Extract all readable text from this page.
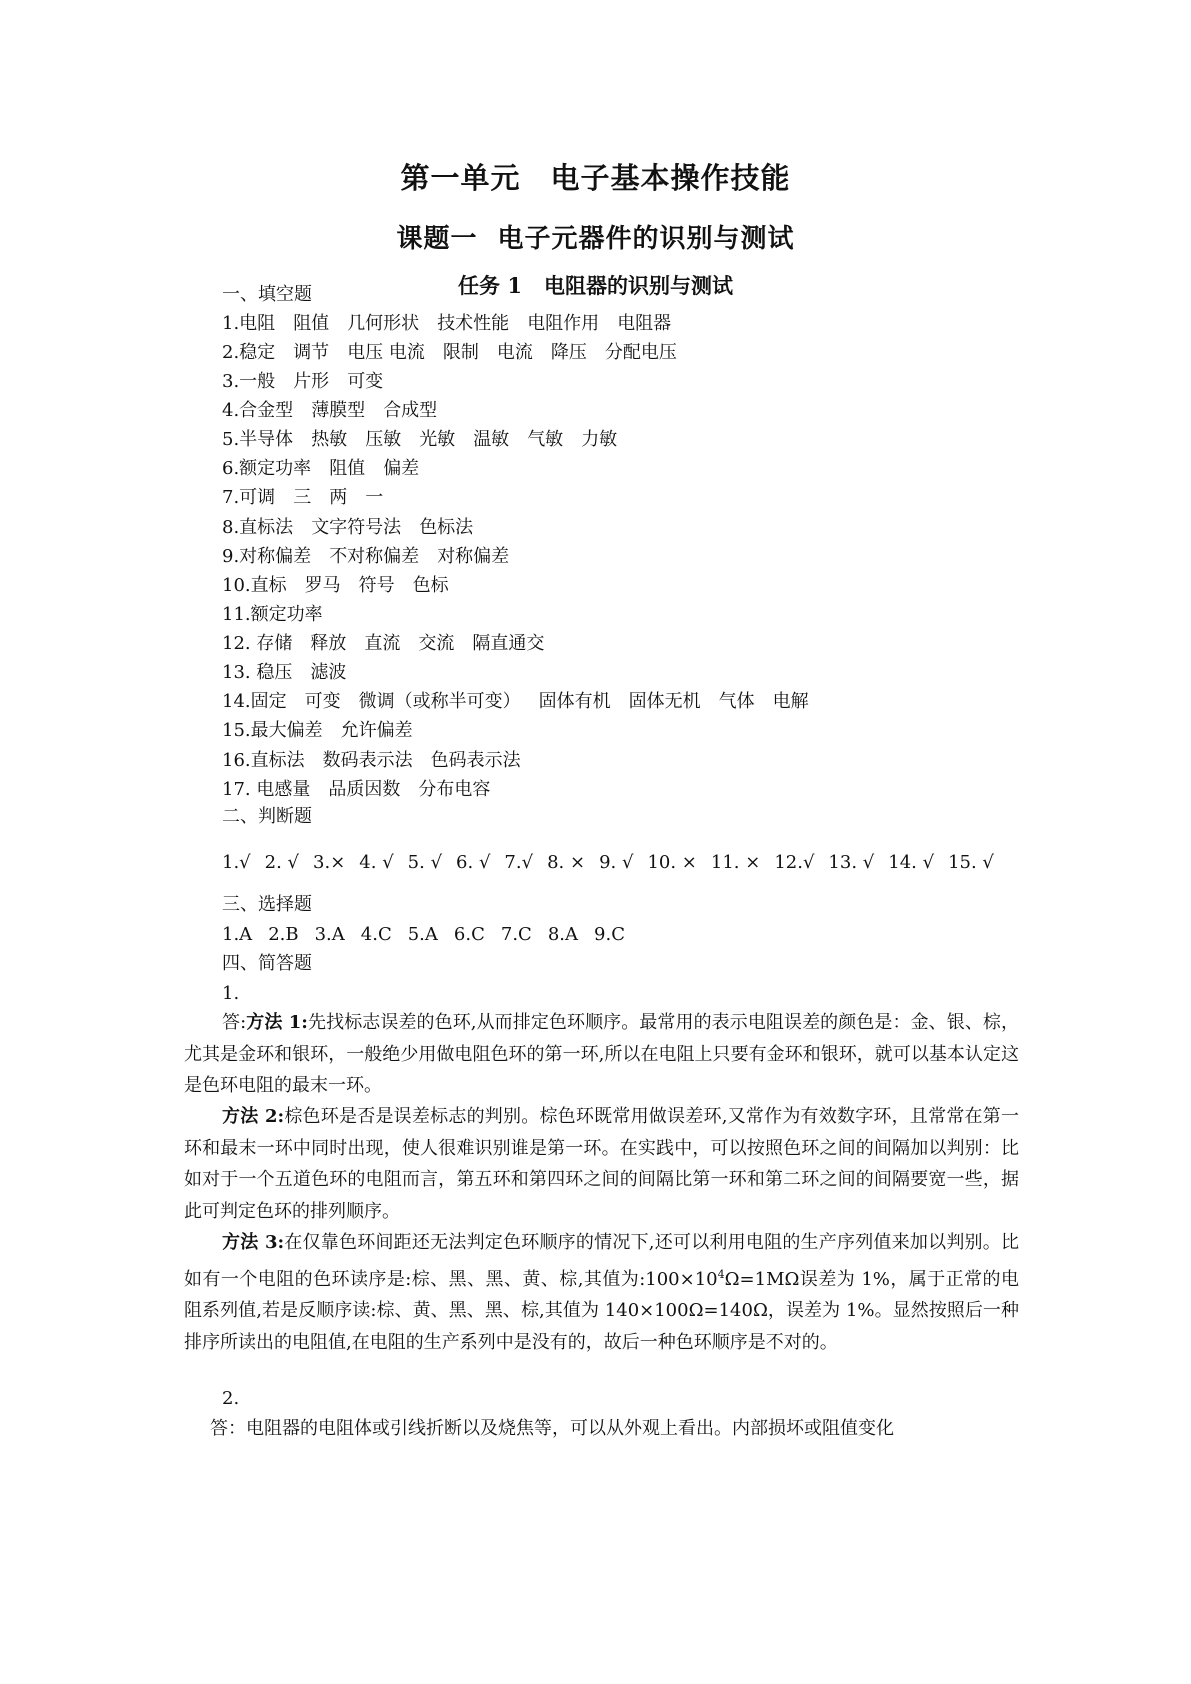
第一单元 电子基本操作技能
课题一  电子元器件的识别与测试
任务 1 电阻器的识别与测试
一、填空题
1.电阻 阻值 几何形状 技术性能 电阻作用 电阻器
2.稳定 调节 电压 电流 限制 电流 降压 分配电压
3.一般 片形 可变
4.合金型 薄膜型 合成型
5.半导体 热敏 压敏 光敏 温敏 气敏 力敏
6.额定功率 阻值 偏差
7.可调 三 两 一
8.直标法 文字符号法 色标法
9.对称偏差 不对称偏差 对称偏差
10.直标 罗马 符号 色标
11.额定功率
12. 存储 释放 直流 交流 隔直通交
13. 稳压 滤波
14.固定 可变 微调（或称半可变） 固体有机 固体无机 气体 电解
15.最大偏差 允许偏差
16.直标法 数码表示法 色码表示法
17. 电感量 品质因数 分布电容
二、判断题
1.√ 2. √ 3.× 4. √ 5. √ 6. √ 7.√ 8. × 9. √ 10. × 11. × 12.√ 13. √ 14. √ 15. √
三、选择题
1.A 2.B 3.A 4.C 5.A 6.C 7.C 8.A 9.C
四、简答题
1.
答:方法 1:先找标志误差的色环,从而排定色环顺序。最常用的表示电阻误差的颜色是：金、银、棕，尤其是金环和银环，一般绝少用做电阻色环的第一环,所以在电阻上只要有金环和银环，就可以基本认定这是色环电阻的最末一环。
方法 2:棕色环是否是误差标志的判别。棕色环既常用做误差环,又常作为有效数字环，且常常在第一环和最末一环中同时出现，使人很难识别谁是第一环。在实践中，可以按照色环之间的间隔加以判别：比如对于一个五道色环的电阻而言，第五环和第四环之间的间隔比第一环和第二环之间的间隔要宽一些，据此可判定色环的排列顺序。
方法 3:在仅靠色环间距还无法判定色环顺序的情况下,还可以利用电阻的生产序列值来加以判别。比如有一个电阻的色环读序是:棕、黑、黑、黄、棕,其值为$:100\times 10^4\Omega=1M\Omega$误差为 1%，属于正常的电阻系列值,若是反顺序读:棕、黄、黑、黑、棕,其值为 140×100Ω=140Ω，误差为 1%。显然按照后一种排序所读出的电阻值,在电阻的生产系列中是没有的，故后一种色环顺序是不对的。
2.
答：电阻器的电阻体或引线折断以及烧焦等，可以从外观上看出。内部损坏或阻值变化
